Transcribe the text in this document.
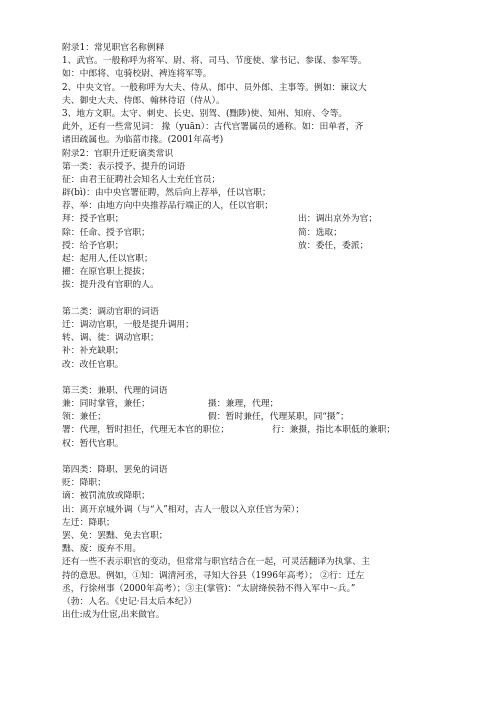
附录1：常见职官名称例释
1、武官。一般称呼为将军、尉、将、司马、节度使、掌书记、参谋、参军等。
如：中郎将、屯骑校尉、裨连将军等。
2、中央文官。一般称呼为大夫、侍从、郎中、员外郎、主事等。例如：谏议大
夫、御史大夫、侍郎、翰林待诏（侍从）。
3、地方文职。太守、刺史、长史、别驾、(黜陟)使、知州、知府、令等。
此外，还有一些常见词： 掾（yuān）：古代官署属员的通称。如：田单者，齐
诸田疏属也。为临菑市掾。(2001年高考)
附录2：官职升迁贬谪类常识
第一类：表示授予、提升的词语
征：由君王征聘社会知名人士充任官员；
辟(bì)：由中央官署征聘，然后向上荐举，任以官职；
荐、举：由地方向中央推荐品行端正的人，任以官职；
拜：授予官职；	出：调出京外为官；
除：任命、授予官职；	简：选取；
授：给予官职；	放：委任，委派；
起：起用人,任以官职；
擢：在原官职上提拔；
拔：提升没有官职的人。
第二类：调动官职的词语
迁：调动官职，一般是提升调用；
转、调、徙：调动官职；
补：补充缺职；
改：改任官职。
第三类：兼职、代理的词语
兼：同时掌管，兼任；	摄：兼理，代理；
领：兼任；	假：暂时兼任，代理某职，同“摄”；
署：代理，暂时担任，代理无本官的职位；	行：兼摄，指比本职低的兼职；
权：暂代官职。
第四类：降职、罢免的词语
贬：降职；
谪：被罚流放或降职；
出：离开京城外调（与“入”相对，古人一般以入京任官为荣）；
左迁：降职；
罢、免：罢黜、免去官职；
黜、废：废弃不用。
还有一些不表示职官的变动，但常常与职官结合在一起，可灵活翻译为执掌、主
持的意思。例如，①知：调清河丞，寻知大谷县（1996年高考）； ②行：迁左
丞，行徐州事（2000年高考）；③主(掌管)：“太尉绛侯勃不得入军中～兵。”
（勃：人名。《史记·吕太后本纪》）
出仕:成为仕宦,出来做官。
